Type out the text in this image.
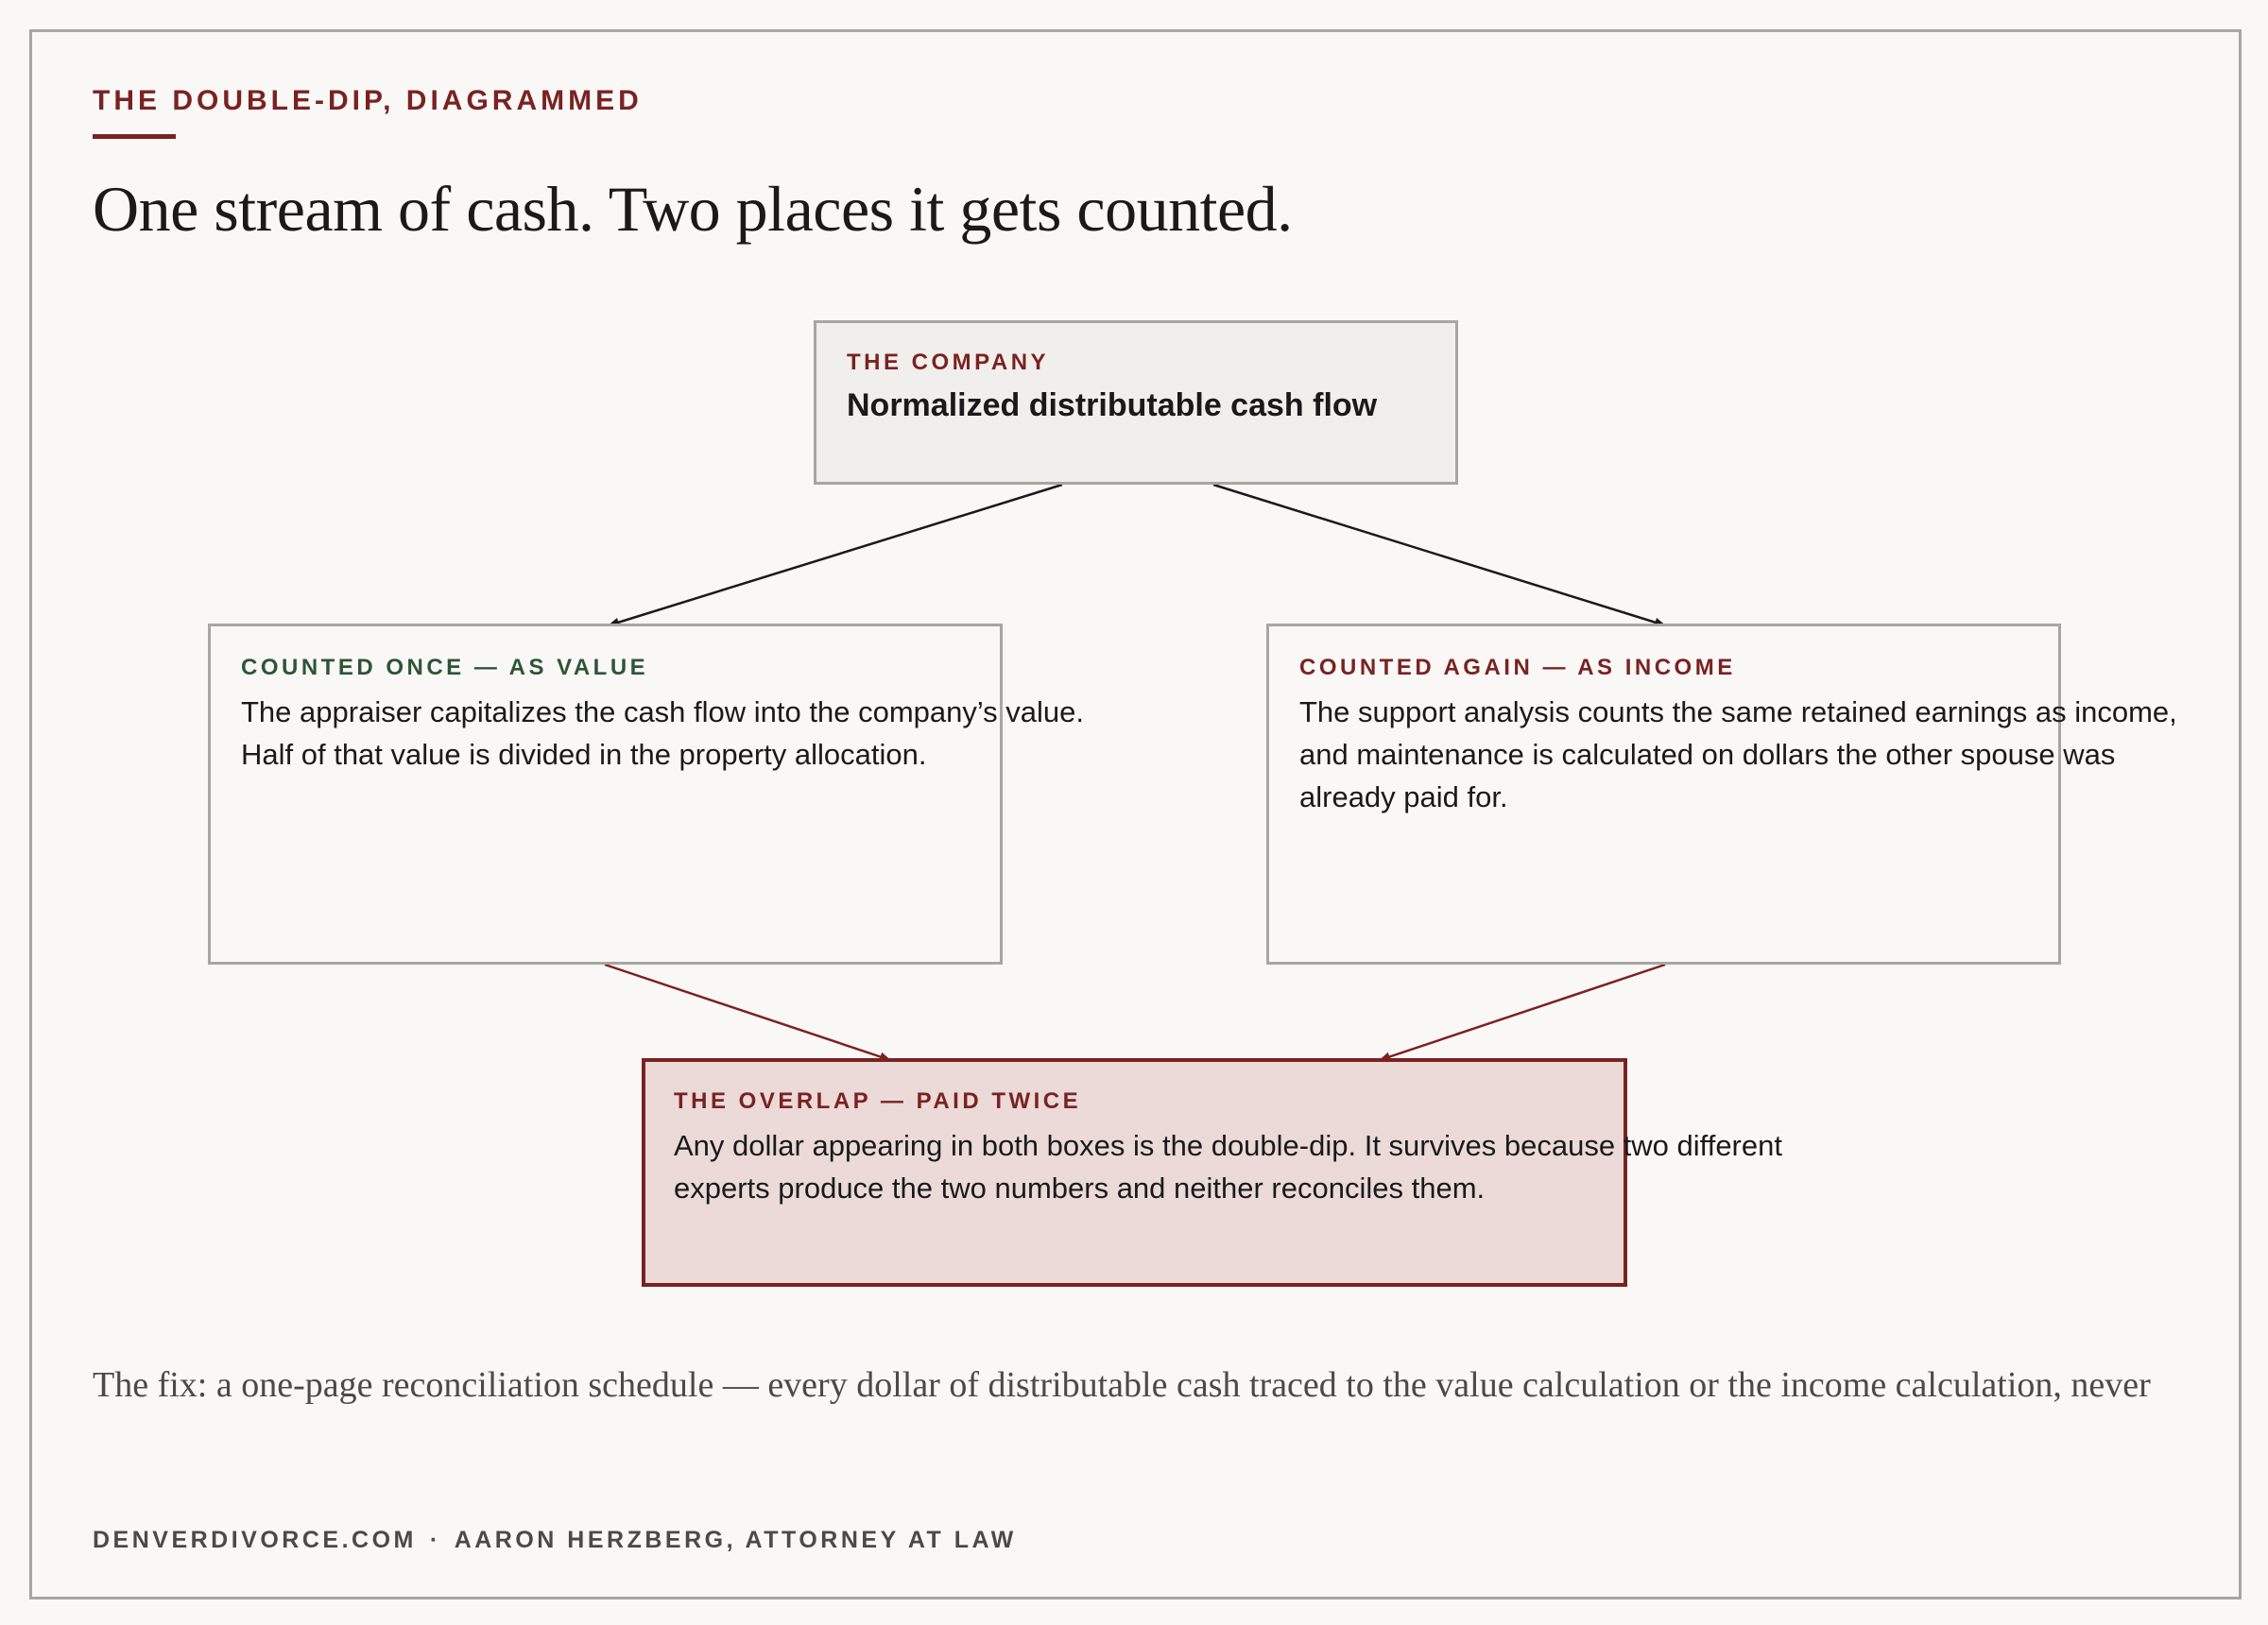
THE DOUBLE-DIP, DIAGRAMMED
One stream of cash. Two places it gets counted.
THE COMPANY
Normalized distributable cash flow
COUNTED ONCE — AS VALUE
The appraiser capitalizes the cash flow into the company’s value.
Half of that value is divided in the property allocation.
COUNTED AGAIN — AS INCOME
The support analysis counts the same retained earnings as income,
and maintenance is calculated on dollars the other spouse was
already paid for.
THE OVERLAP — PAID TWICE
Any dollar appearing in both boxes is the double-dip. It survives because two different
experts produce the two numbers and neither reconciles them.
The fix: a one-page reconciliation schedule — every dollar of distributable cash traced to the value calculation or the income calculation, never
DENVERDIVORCE.COM · AARON HERZBERG, ATTORNEY AT LAW
